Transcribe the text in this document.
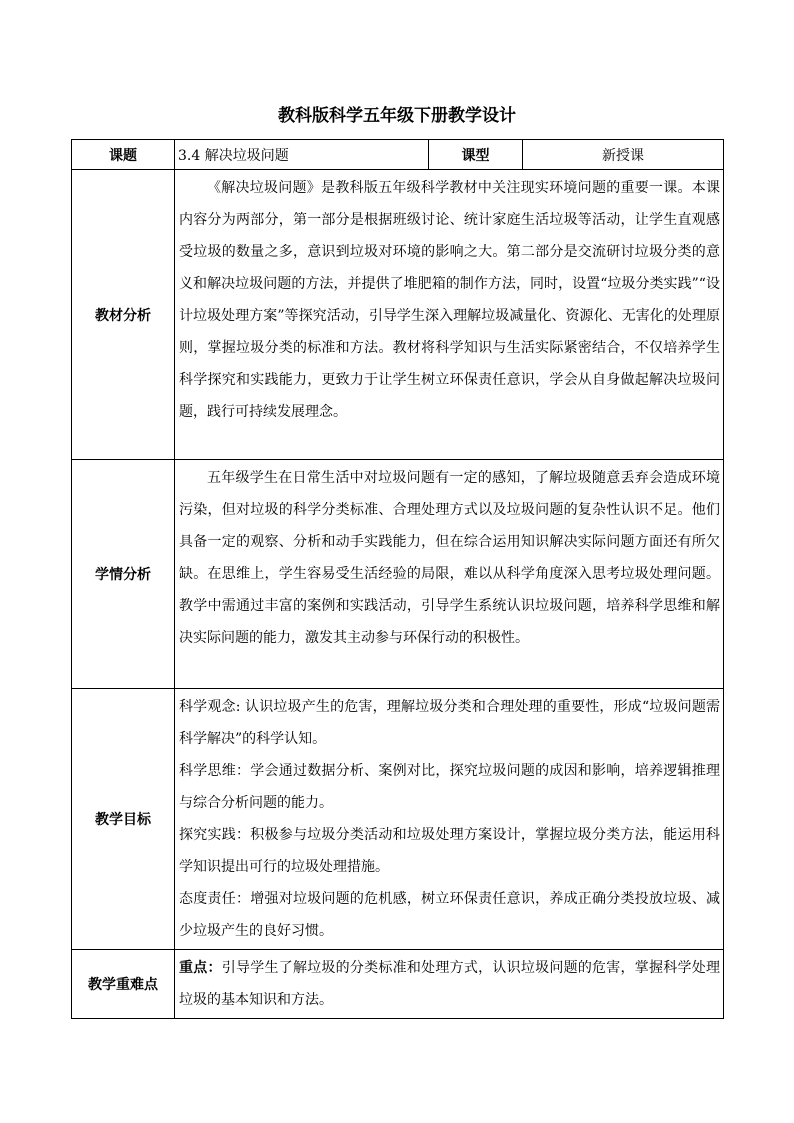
教科版科学五年级下册教学设计
课题	3.4 解决垃圾问题	课型	新授课
教材分析	《解决垃圾问题》是教科版五年级科学教材中关注现实环境问题的重要一课。本课内容分为两部分，第一部分是根据班级讨论、统计家庭生活垃圾等活动，让学生直观感受垃圾的数量之多，意识到垃圾对环境的影响之大。第二部分是交流研讨垃圾分类的意义和解决垃圾问题的方法，并提供了堆肥箱的制作方法，同时，设置“垃圾分类实践”“设计垃圾处理方案”等探究活动，引导学生深入理解垃圾减量化、资源化、无害化的处理原则，掌握垃圾分类的标准和方法。教材将科学知识与生活实际紧密结合，不仅培养学生科学探究和实践能力，更致力于让学生树立环保责任意识，学会从自身做起解决垃圾问题，践行可持续发展理念。		

学情分析	五年级学生在日常生活中对垃圾问题有一定的感知，了解垃圾随意丢弃会造成环境污染，但对垃圾的科学分类标准、合理处理方式以及垃圾问题的复杂性认识不足。他们具备一定的观察、分析和动手实践能力，但在综合运用知识解决实际问题方面还有所欠缺。在思维上，学生容易受生活经验的局限，难以从科学角度深入思考垃圾处理问题。教学中需通过丰富的案例和实践活动，引导学生系统认识垃圾问题，培养科学思维和解决实际问题的能力，激发其主动参与环保行动的积极性。		

教学目标	科学观念: 认识垃圾产生的危害，理解垃圾分类和合理处理的重要性，形成“垃圾问题需科学解决”的科学认知。

科学思维：学会通过数据分析、案例对比，探究垃圾问题的成因和影响，培养逻辑推理与综合分析问题的能力。

探究实践：积极参与垃圾分类活动和垃圾处理方案设计，掌握垃圾分类方法，能运用科学知识提出可行的垃圾处理措施。

态度责任：增强对垃圾问题的危机感，树立环保责任意识，养成正确分类投放垃圾、减少垃圾产生的良好习惯。		

教学重难点	重点：引导学生了解垃圾的分类标准和处理方式，认识垃圾问题的危害，掌握科学处理垃圾的基本知识和方法。		
